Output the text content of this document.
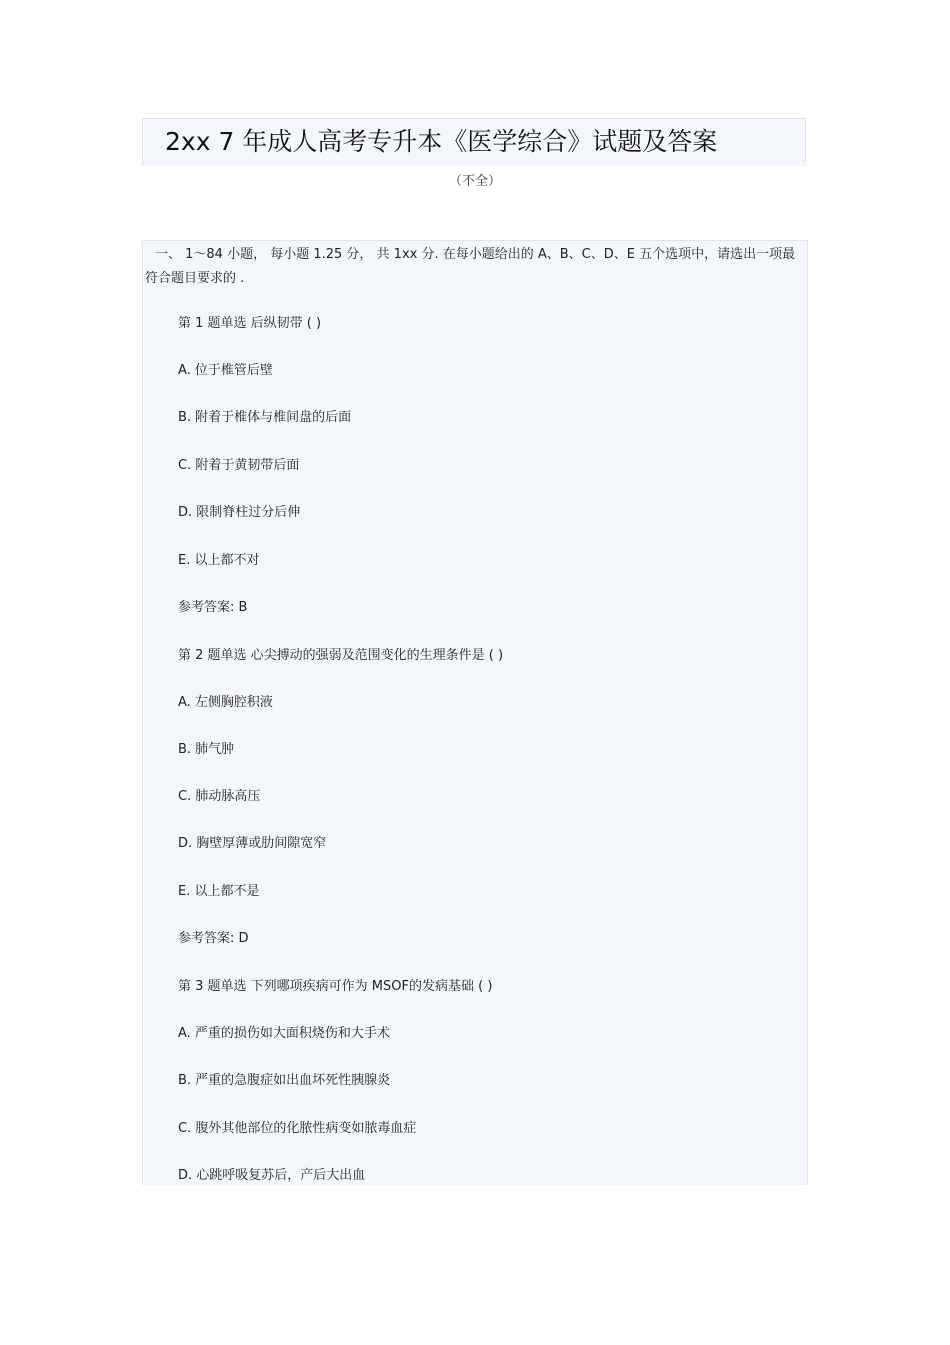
2xx 7 年成人高考专升本《医学综合》试题及答案

（不全）

一、 1～84 小题， 每小题 1.25 分， 共 1xx 分. 在每小题给出的 A、B、C、D、E 五个选项中，请选出一项最符合题目要求的 .

第 1 题单选 后纵韧带 ( )

A. 位于椎管后壁

B. 附着于椎体与椎间盘的后面

C. 附着于黄韧带后面

D. 限制脊柱过分后伸

E. 以上都不对

参考答案: B

第 2 题单选 心尖搏动的强弱及范围变化的生理条件是 ( )

A. 左侧胸腔积液

B. 肺气肿

C. 肺动脉高压

D. 胸壁厚薄或肋间隙宽窄

E. 以上都不是

参考答案: D

第 3 题单选 下列哪项疾病可作为 MSOF的发病基础 ( )

A. 严重的损伤如大面积烧伤和大手术

B. 严重的急腹症如出血坏死性胰腺炎

C. 腹外其他部位的化脓性病变如脓毒血症

D. 心跳呼吸复苏后，产后大出血
